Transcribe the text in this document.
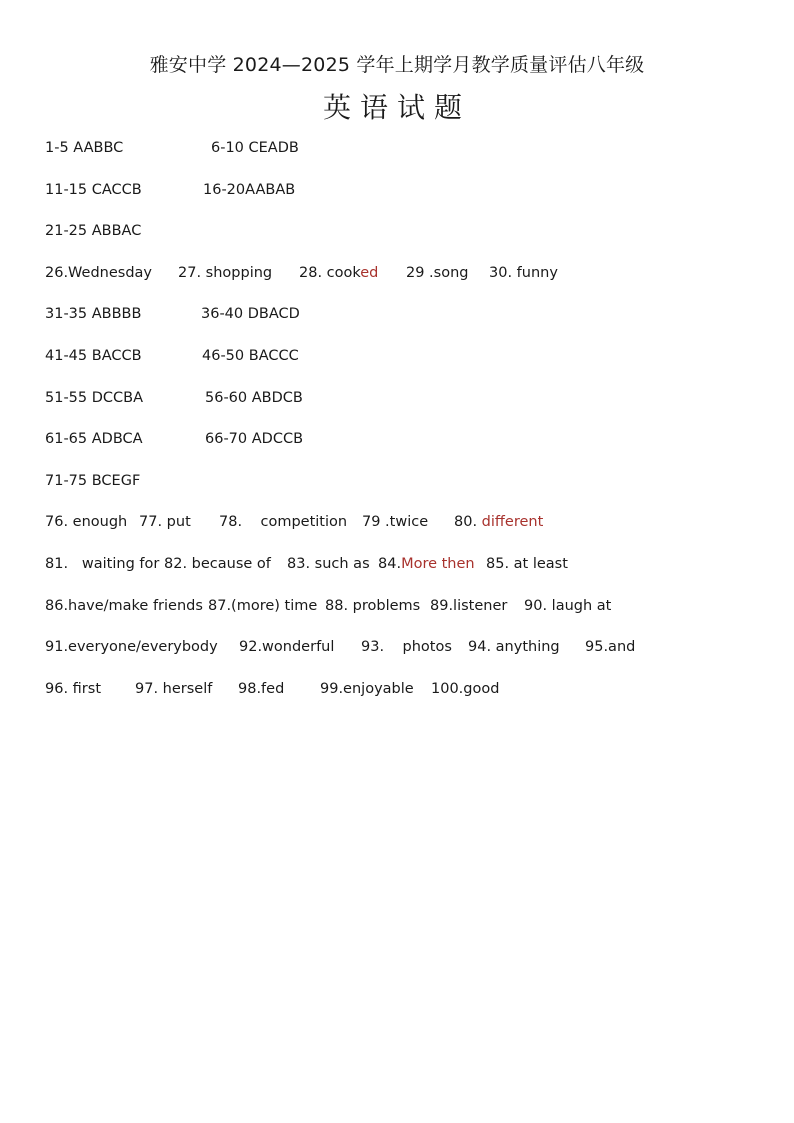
雅安中学 2024—2025 学年上期学月教学质量评估八年级
英语试题
1-5 AABBC	6-10 CEADB
11-15 CACCB	16-20AABAB
21-25 ABBAC
26.Wednesday 27. shopping 28. cooked 29 .song 30. funny
31-35 ABBBB	36-40 DBACD
41-45 BACCB	46-50 BACCC
51-55 DCCBA	56-60 ABDCB
61-65 ADBCA	66-70 ADCCB
71-75 BCEGF
76. enough 77. put 78.    competition 79 .twice 80. different
81.   waiting for 82. because of 83. such as 84.More then 85. at least
86.have/make friends 87.(more) time 88. problems 89.listener 90. laugh at
91.everyone/everybody 92.wonderful 93.    photos 94. anything 95.and
96. first 97. herself 98.fed 99.enjoyable 100.good
